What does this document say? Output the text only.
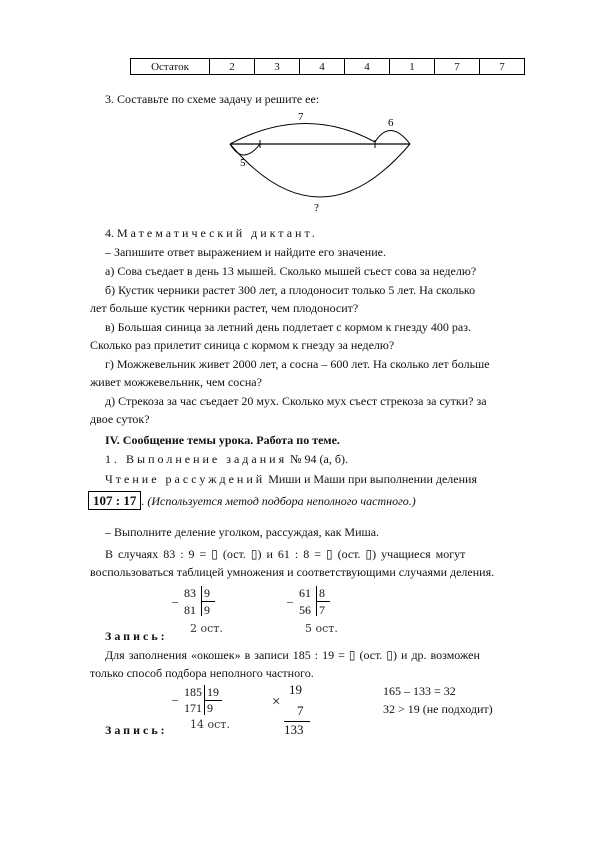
Остаток	2	3	4	4	1	7	7
3. Составьте по схеме задачу и решите ее:
7	6
5
?
4. Математический диктант.
– Запишите ответ выражением и найдите его значение.
а) Сова съедает в день 13 мышей. Сколько мышей съест сова за неделю?
б) Кустик черники растет 300 лет, а плодоносит только 5 лет. На сколько
лет больше кустик черники растет, чем плодоносит?
в) Большая синица за летний день подлетает с кормом к гнезду 400 раз.
Сколько раз прилетит синица с кормом к гнезду за неделю?
г) Можжевельник живет 2000 лет, а сосна – 600 лет. На сколько лет больше
живет можжевельник, чем сосна?
д) Стрекоза за час съедает 20 мух. Сколько мух съест стрекоза за сутки? за
двое суток?
IV. Сообщение темы урока. Работа по теме.
1. Выполнение задания № 94 (а, б).
Чтение рассуждений Миши и Маши при выполнении деления
107 : 17 . (Используется метод подбора неполного частного.)
– Выполните деление уголком, рассуждая, как Миша.
В случаях 83 : 9 = ▯ (ост. ▯) и 61 : 8 = ▯ (ост. ▯) учащиеся могут
воспользоваться таблицей умножения и соответствующими случаями деления.
–
83 9
81 9
2 ост.
–
61 8
56 7
5 ост.
Запись:
Для заполнения «окошек» в записи 185 : 19 = ▯ (ост. ▯) и др. возможен
только способ подбора неполного частного.
– 185 19
171 9
14 ост.
×
19
7
133
165 – 133 = 32
32 > 19 (не подходит)
Запись:
